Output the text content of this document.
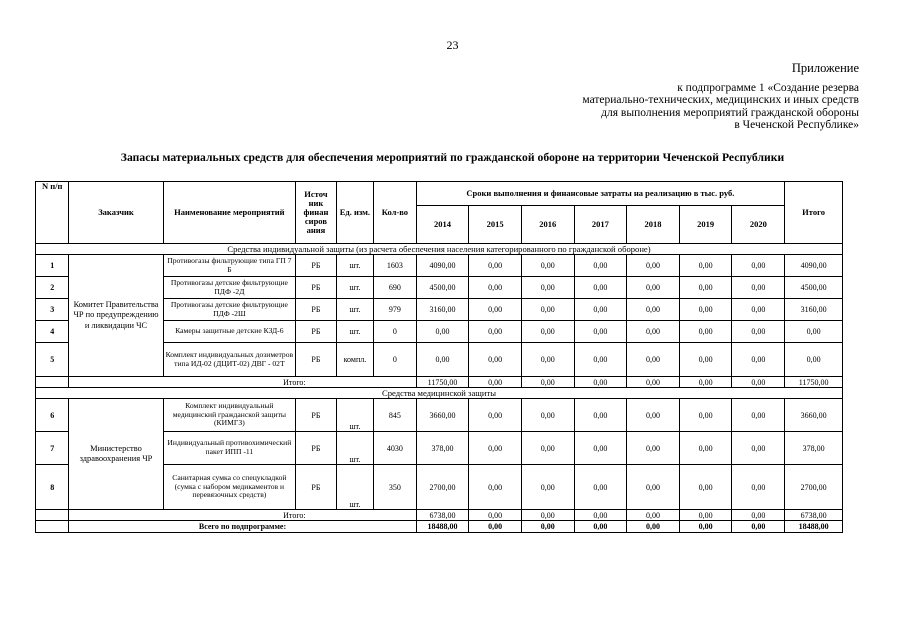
23
Приложение
к подпрограмме 1 «Создание резерва
материально-технических, медицинских и иных средств
для выполнения мероприятий гражданской обороны
в Чеченской Республике»
Запасы материальных средств для обеспечения мероприятий по гражданской обороне на территории Чеченской Республики
N п/п	Заказчик	Наименование мероприятий	Источ ник финан сиров ания	Ед. изм.	Кол-во	Сроки выполнения и финансовые затраты на реализацию в тыс. руб.							Итого
						2014	2015	2016	2017	2018	2019	2020	
Средства индивидуальной защиты (из расчета обеспечения населения категорированного по гражданской обороне)													
1	Комитет Правительства ЧР по предупреждению и ликвидации ЧС	Противогазы фильтрующие типа ГП 7 Б	РБ	шт.	1603	4090,00	0,00	0,00	0,00	0,00	0,00	0,00	4090,00
2		Противогазы детские фильтрующие ПДФ -2Д	РБ	шт.	690	4500,00	0,00	0,00	0,00	0,00	0,00	0,00	4500,00
3		Противогазы детские фильтрующие ПДФ -2Ш	РБ	шт.	979	3160,00	0,00	0,00	0,00	0,00	0,00	0,00	3160,00
4		Камеры защитные детские КЗД-6	РБ	шт.	0	0,00	0,00	0,00	0,00	0,00	0,00	0,00	0,00
5		Комплект индивидуальных дозиметров типа ИД-02 (ДЦИТ-02) ДВГ - 02Т	РБ	компл.	0	0,00	0,00	0,00	0,00	0,00	0,00	0,00	0,00
	Итого:					11750,00	0,00	0,00	0,00	0,00	0,00	0,00	11750,00
Средства медицинской защиты													
6	Министерство здравоохранения ЧР	Комплект индивидуальный медицинский гражданской защиты (КИМГЗ)	РБ	шт.	845	3660,00	0,00	0,00	0,00	0,00	0,00	0,00	3660,00
7		Индивидуальный противохимический пакет ИПП -11	РБ	шт.	4030	378,00	0,00	0,00	0,00	0,00	0,00	0,00	378,00
8		Санитарная сумка со спецукладкой (сумка с набором медикаментов и перевязочных средств)	РБ	шт.	350	2700,00	0,00	0,00	0,00	0,00	0,00	0,00	2700,00
	Итого:					6738,00	0,00	0,00	0,00	0,00	0,00	0,00	6738,00
	Всего по подпрограмме:					18488,00	0,00	0,00	0,00	0,00	0,00	0,00	18488,00
